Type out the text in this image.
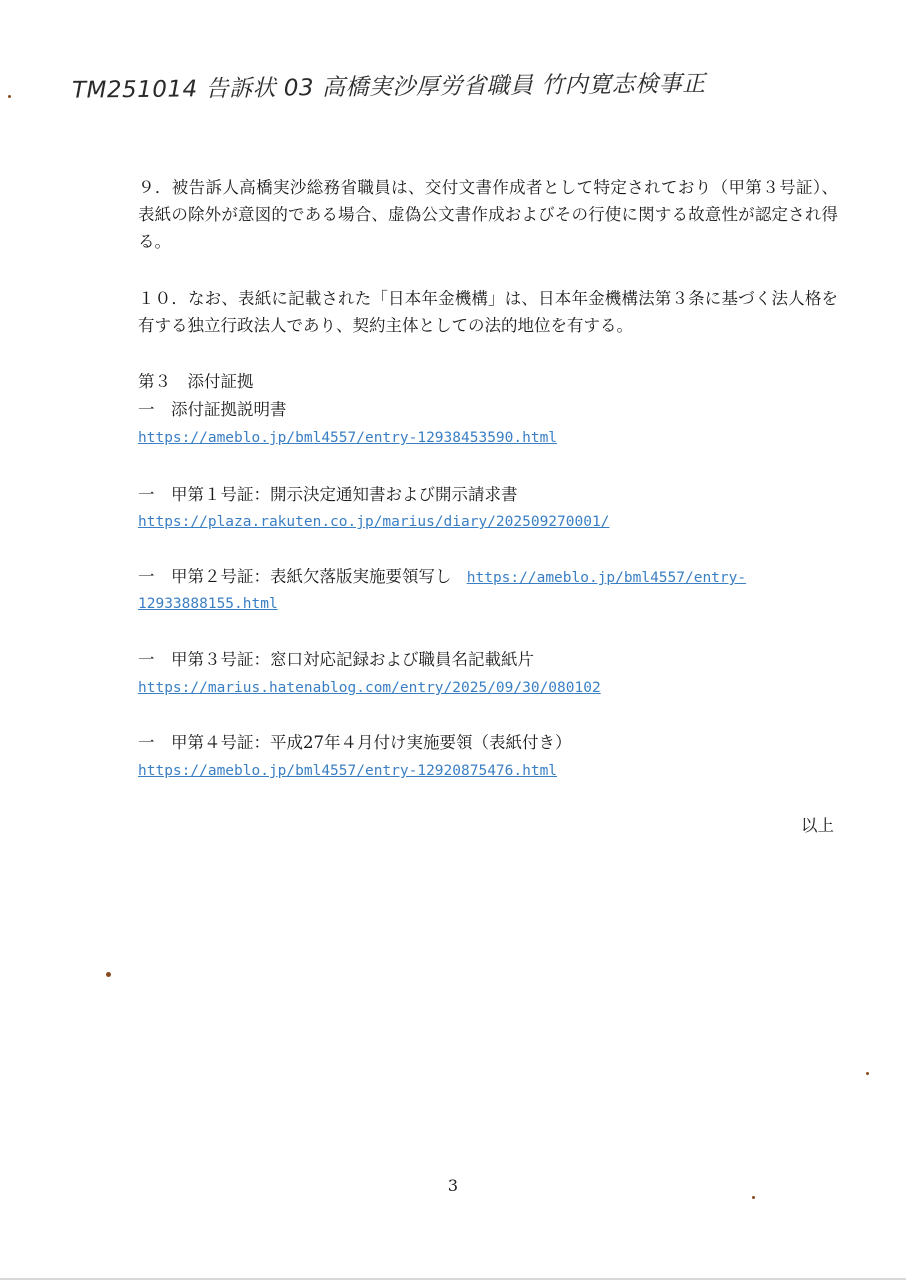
TM251014 告訴状 03 高橋実沙厚労省職員 竹内寛志検事正
９．被告訴人高橋実沙総務省職員は、交付文書作成者として特定されており（甲第３号証）、表紙の除外が意図的である場合、虚偽公文書作成およびその行使に関する故意性が認定され得る。
１０．なお、表紙に記載された「日本年金機構」は、日本年金機構法第３条に基づく法人格を有する独立行政法人であり、契約主体としての法的地位を有する。
第３　添付証拠
一　添付証拠説明書
https://ameblo.jp/bml4557/entry-12938453590.html
一　甲第１号証：開示決定通知書および開示請求書
https://plaza.rakuten.co.jp/marius/diary/202509270001/
一　甲第２号証：表紙欠落版実施要領写し https://ameblo.jp/bml4557/entry-
12933888155.html
一　甲第３号証：窓口対応記録および職員名記載紙片
https://marius.hatenablog.com/entry/2025/09/30/080102
一　甲第４号証：平成27年４月付け実施要領（表紙付き）
https://ameblo.jp/bml4557/entry-12920875476.html
以上
3
